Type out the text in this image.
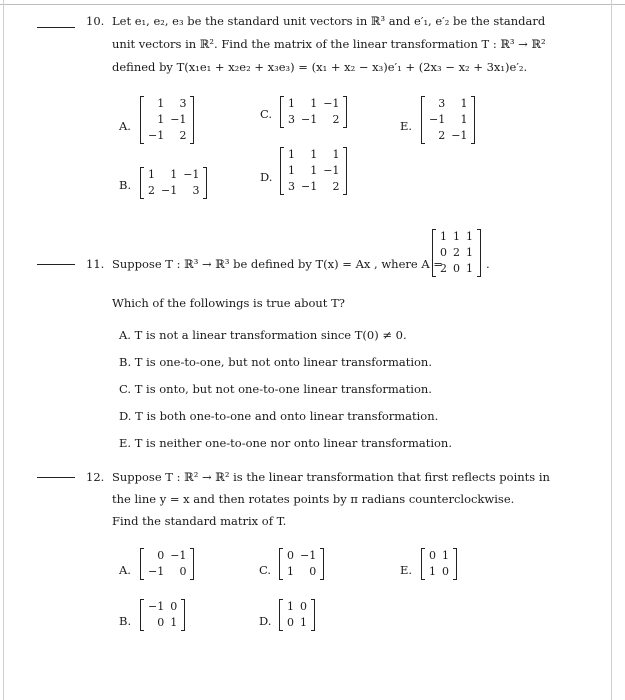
10. Let e₁, e₂, e₃ be the standard unit vectors in ℝ³ and e′₁, e′₂ be the standard
unit vectors in ℝ². Find the matrix of the linear transformation T : ℝ³ → ℝ²
defined by T(x₁e₁ + x₂e₂ + x₃e₃) = (x₁ + x₂ − x₃)e′₁ + (2x₃ − x₂ + 3x₁)e′₂.
A.
1	3
1	−1
−1	2
B.
1	1	−1
2	−1	3
C.
1	1	−1
3	−1	2
D.
1	1	1
1	1	−1
3	−1	2
E.
3	1
−1	1
2	−1
11. Suppose T : ℝ³ → ℝ³ be defined by T(x) = Ax , where A =
1	1	1
0	2	1
2	0	1 .
Which of the followings is true about T?
A. T is not a linear transformation since T(0) ≠ 0.
B. T is one-to-one, but not onto linear transformation.
C. T is onto, but not one-to-one linear transformation.
D. T is both one-to-one and onto linear transformation.
E. T is neither one-to-one nor onto linear transformation.
12. Suppose T : ℝ² → ℝ² is the linear transformation that first reflects points in
the line y = x and then rotates points by π radians counterclockwise.
Find the standard matrix of T.
A.
0	−1
−1	0
B.
−1	0
0	1
C.
0	−1
1	0
D.
1	0
0	1
E.
0	1
1	0
